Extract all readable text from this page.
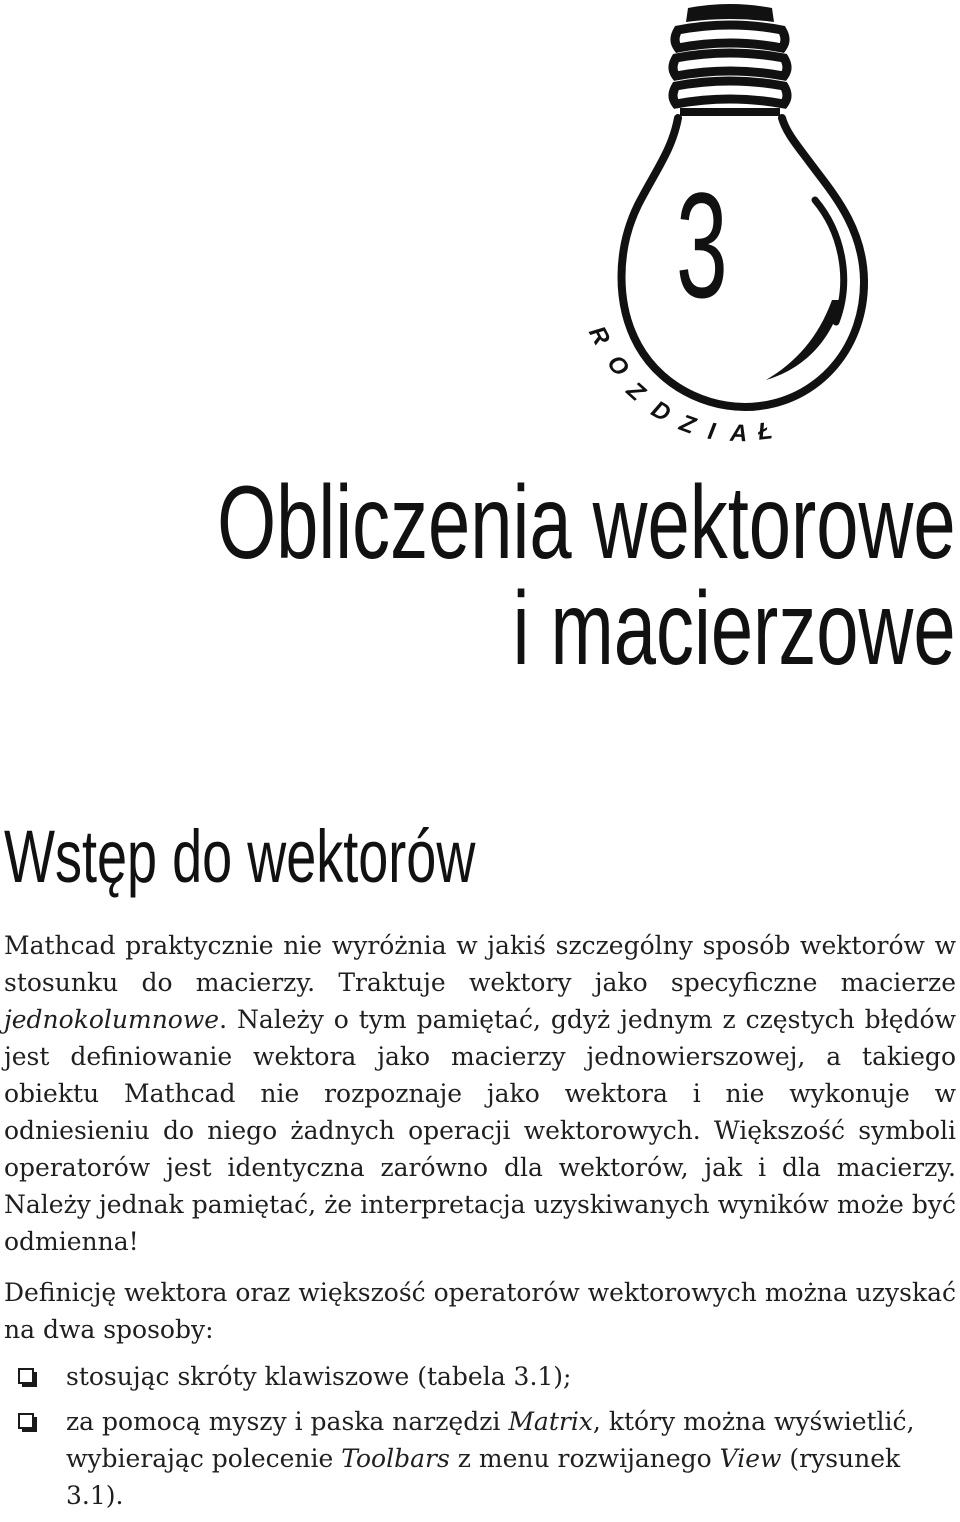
3
R
O
Z
D Z I A Ł
Obliczenia wektorowe
i macierzowe
Wstęp do wektorów

Mathcad praktycznie nie wyróżnia w jakiś szczególny sposób wektorów w stosunku do macierzy. Traktuje wektory jako specyficzne macierze jednokolumnowe. Należy o tym pamiętać, gdyż jednym z częstych błędów jest definiowanie wektora jako macierzy jednowierszowej, a takiego obiektu Mathcad nie rozpoznaje jako wektora i nie wykonuje w odniesieniu do niego żadnych operacji wektorowych. Większość symboli operatorów jest identyczna zarówno dla wektorów, jak i dla macierzy. Należy jednak pamiętać, że interpretacja uzyskiwanych wyników może być odmienna!

Definicję wektora oraz większość operatorów wektorowych można uzyskać na dwa sposoby:

stosując skróty klawiszowe (tabela 3.1);
za pomocą myszy i paska narzędzi Matrix, który można wyświetlić, wybierając polecenie Toolbars z menu rozwijanego View (rysunek 3.1).
